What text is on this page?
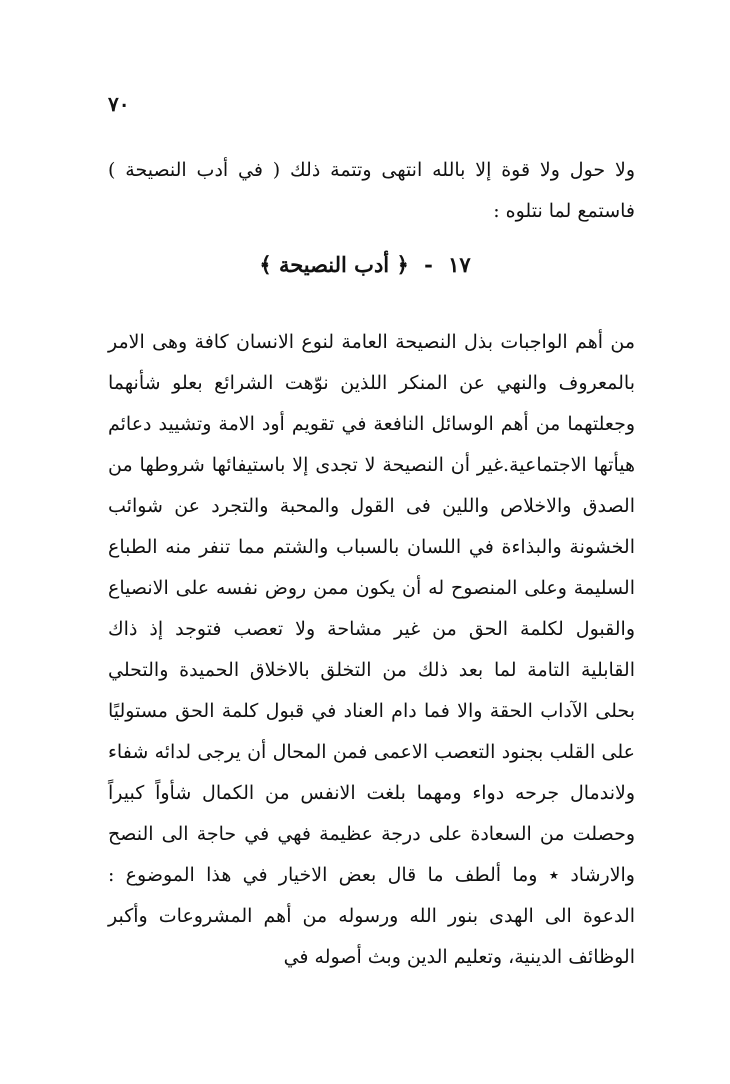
٧٠

ولا حول ولا قوة إلا بالله انتهى وتتمة ذلك ( في أدب النصيحة ) فاستمع لما نتلوه :

١٧ - ﴿ أدب النصيحة ﴾

من أهم الواجبات بذل النصيحة العامة لنوع الانسان كافة وهى الامر بالمعروف والنهي عن المنكر اللذين نوّهت الشرائع بعلو شأنهما وجعلتهما من أهم الوسائل النافعة في تقويم أود الامة وتشييد دعائم هيأتها الاجتماعية.غير أن النصيحة لا تجدى إلا باستيفائها شروطها من الصدق والاخلاص واللين فى القول والمحبة والتجرد عن شوائب الخشونة والبذاءة في اللسان بالسباب والشتم مما تنفر منه الطباع السليمة وعلى المنصوح له أن يكون ممن روض نفسه على الانصياع والقبول لكلمة الحق من غير مشاحة ولا تعصب فتوجد إذ ذاك القابلية التامة لما بعد ذلك من التخلق بالاخلاق الحميدة والتحلي بحلى الآداب الحقة والا فما دام العناد في قبول كلمة الحق مستوليًا على القلب بجنود التعصب الاعمى فمن المحال أن يرجى لدائه شفاء ولاندمال جرحه دواء ومهما بلغت الانفس من الكمال شأواً كبيراً وحصلت من السعادة على درجة عظيمة فهي في حاجة الى النصح والارشاد ٭ وما ألطف ما قال بعض الاخيار في هذا الموضوع : الدعوة الى الهدى بنور الله ورسوله من أهم المشروعات وأكبر الوظائف الدينية، وتعليم الدين وبث أصوله في
